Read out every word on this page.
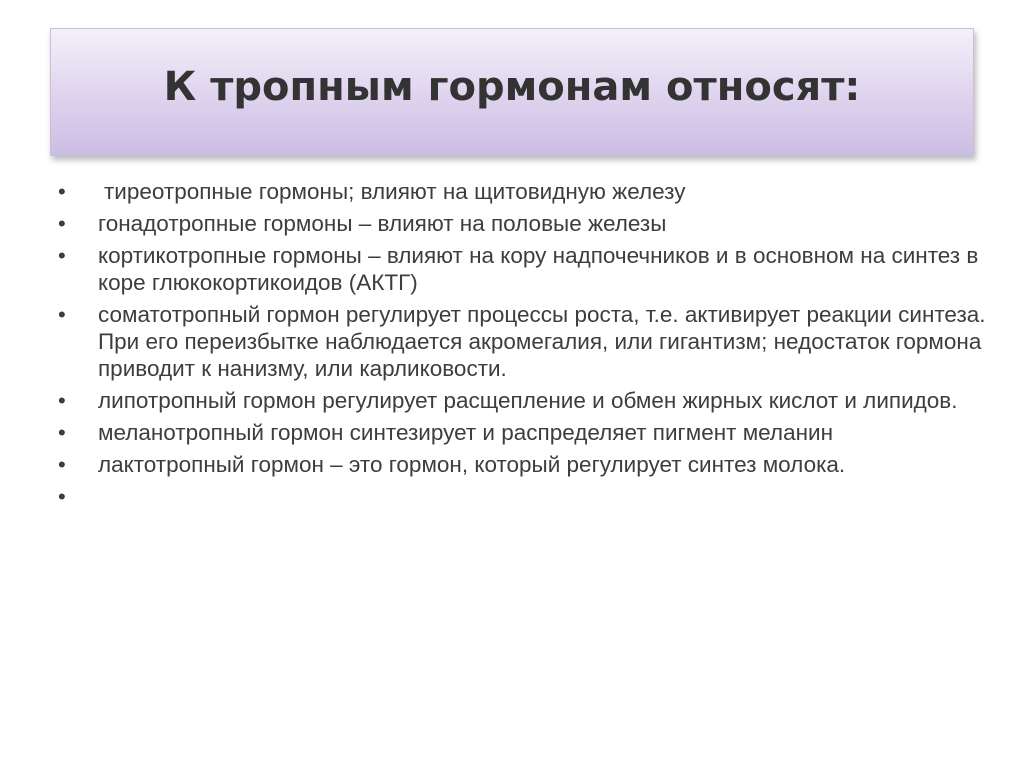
К тропным гормонам относят:
• тиреотропные гормоны; влияют на щитовидную железу
• гонадотропные гормоны – влияют на половые железы
• кортикотропные гормоны – влияют на кору надпочечников и в основном на синтез в коре глюкокортикоидов (АКТГ)
• соматотропный гормон регулирует процессы роста, т.е. активирует реакции синтеза. При его переизбытке наблюдается акромегалия, или гигантизм; недостаток гормона приводит к нанизму, или карликовости.
• липотропный гормон регулирует расщепление и обмен жирных кислот и липидов.
• меланотропный гормон синтезирует и распределяет пигмент меланин
• лактотропный гормон – это гормон, который регулирует синтез молока.
•
